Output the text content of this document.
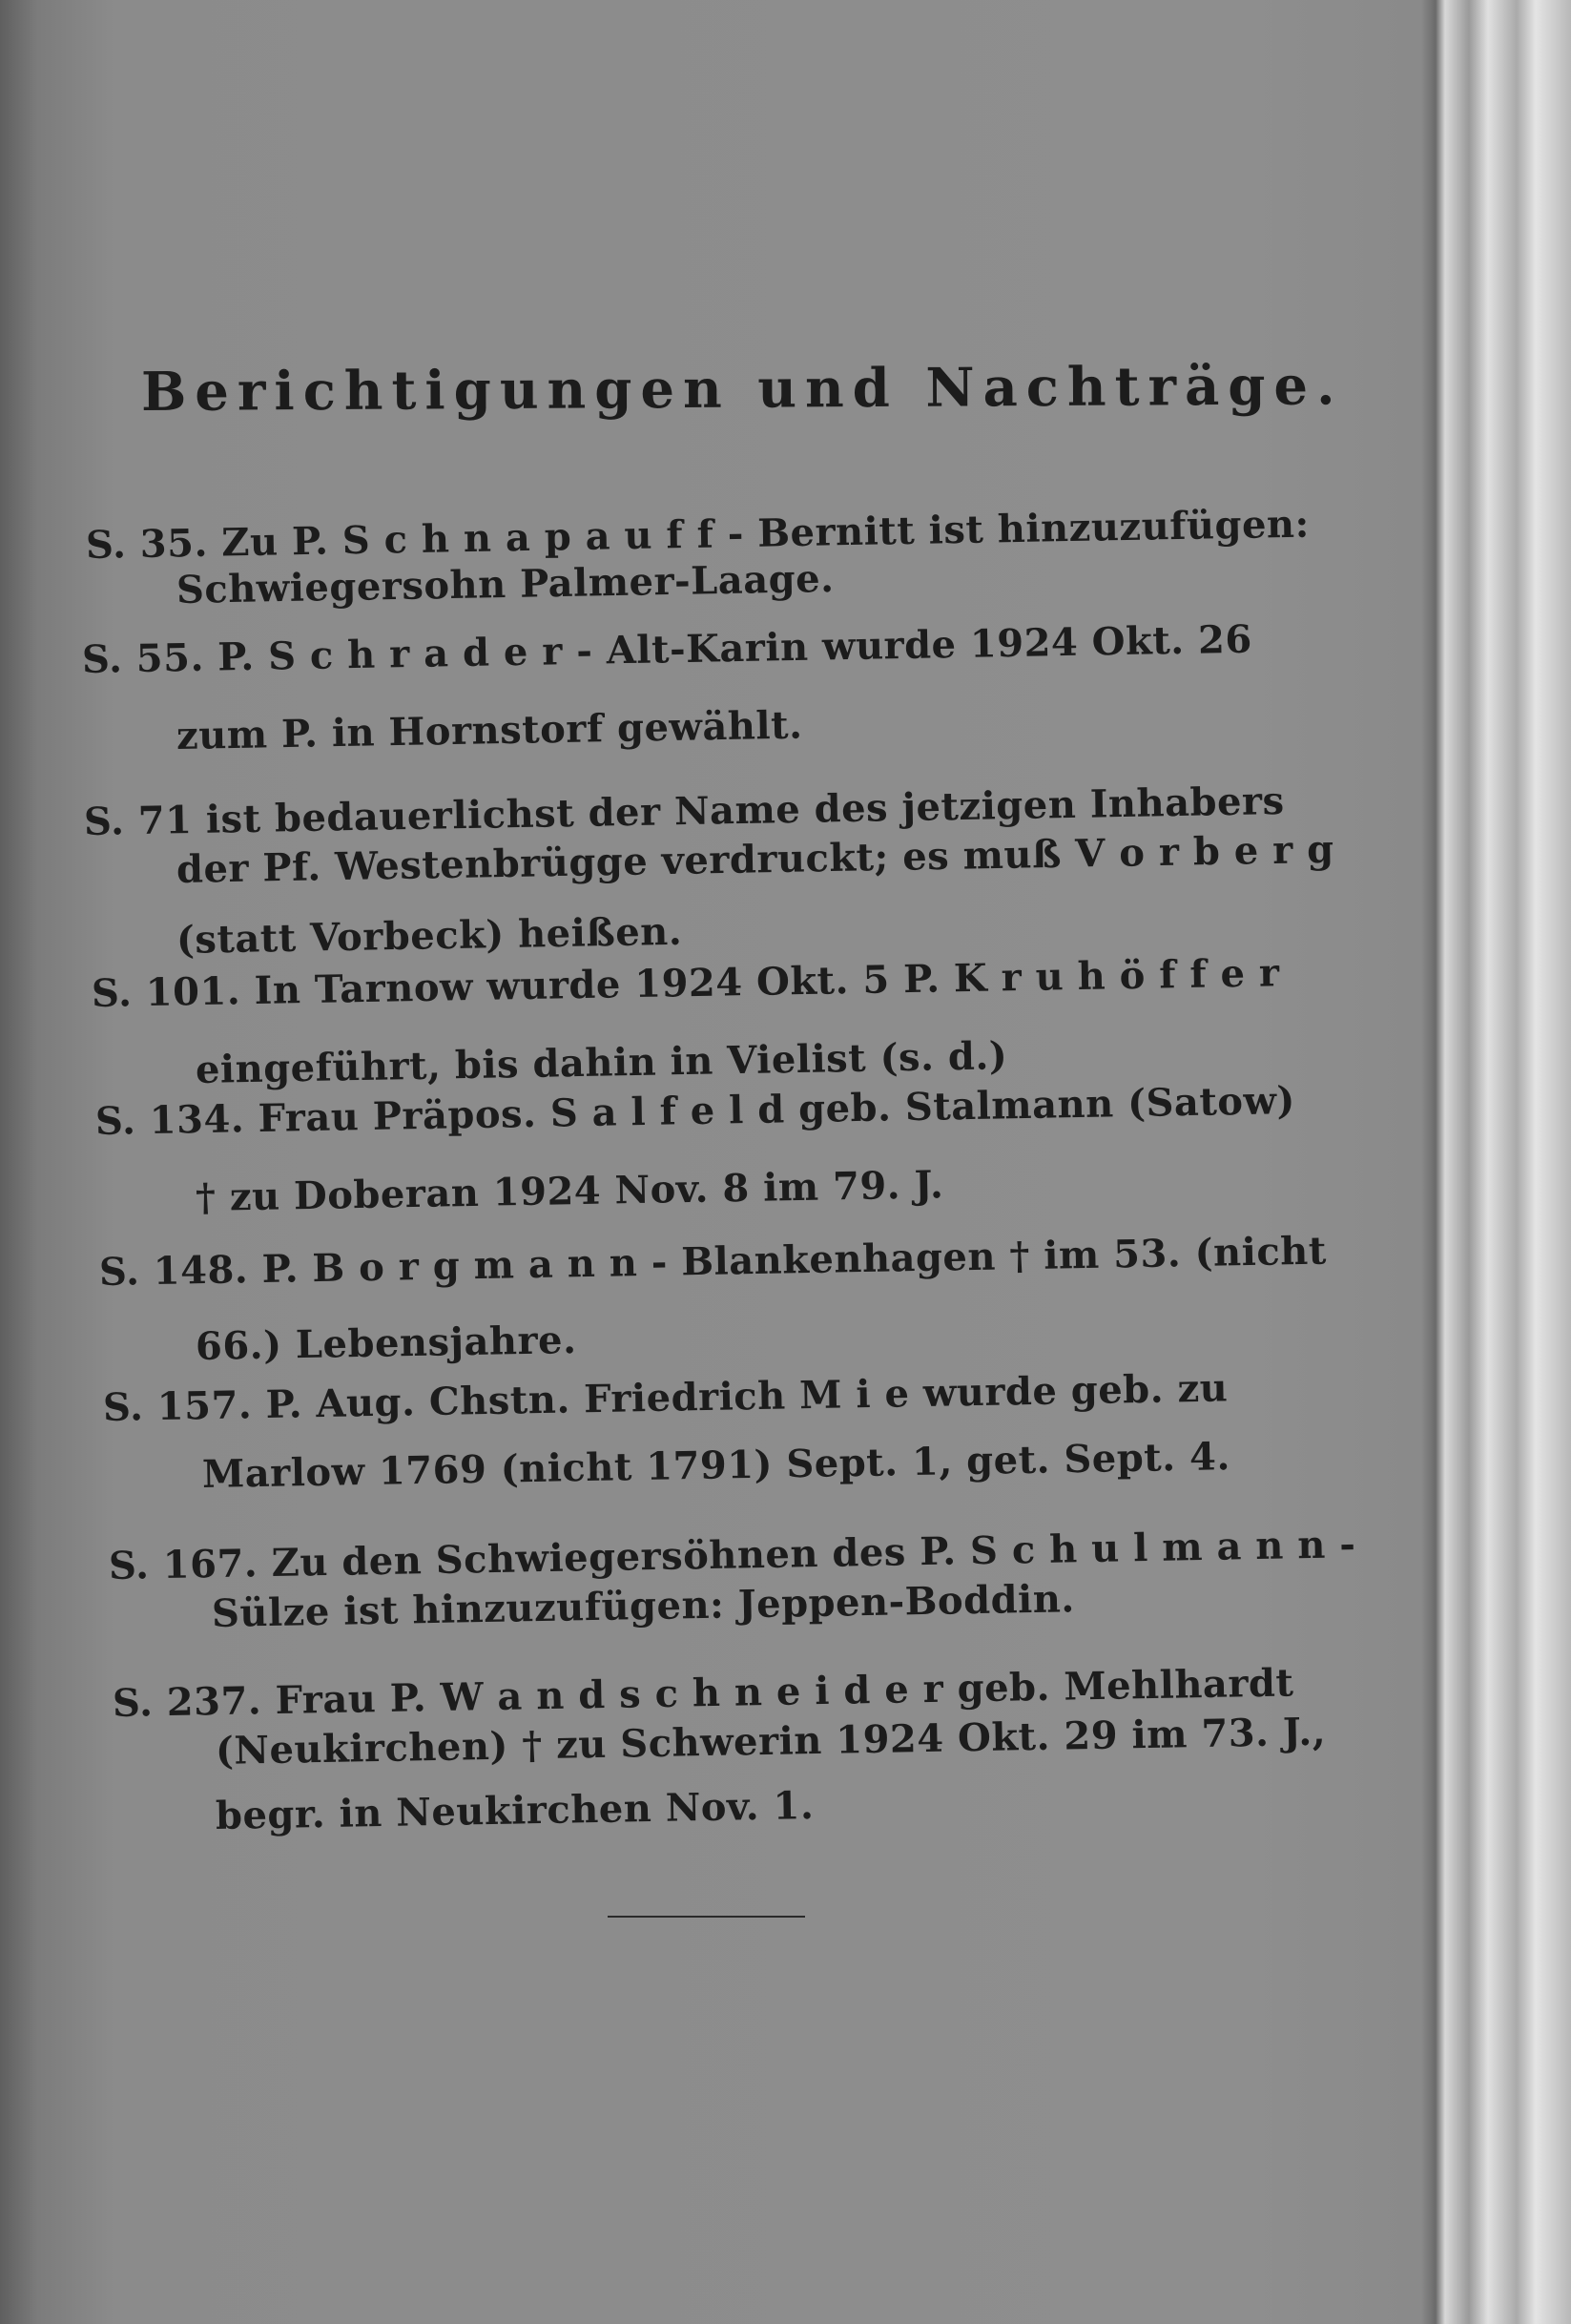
Berichtigungen und Nachträge.
S. 35. Zu P. S c h n a p a u f f - Bernitt ist hinzuzufügen:
Schwiegersohn Palmer-Laage.
S. 55. P. S c h r a d e r - Alt-Karin wurde 1924 Okt. 26
zum P. in Hornstorf gewählt.
S. 71 ist bedauerlichst der Name des jetzigen Inhabers
der Pf. Westenbrügge verdruckt; es muß V o r b e r g
(statt Vorbeck) heißen.
S. 101. In Tarnow wurde 1924 Okt. 5 P. K r u h ö f f e r
eingeführt, bis dahin in Vielist (s. d.)
S. 134. Frau Präpos. S a l f e l d geb. Stalmann (Satow)
† zu Doberan 1924 Nov. 8 im 79. J.
S. 148. P. B o r g m a n n - Blankenhagen † im 53. (nicht
66.) Lebensjahre.
S. 157. P. Aug. Chstn. Friedrich M i e wurde geb. zu
Marlow 1769 (nicht 1791) Sept. 1, get. Sept. 4.
S. 167. Zu den Schwiegersöhnen des P. S c h u l m a n n -
Sülze ist hinzuzufügen: Jeppen-Boddin.
S. 237. Frau P. W a n d s c h n e i d e r geb. Mehlhardt
(Neukirchen) † zu Schwerin 1924 Okt. 29 im 73. J.,
begr. in Neukirchen Nov. 1.
